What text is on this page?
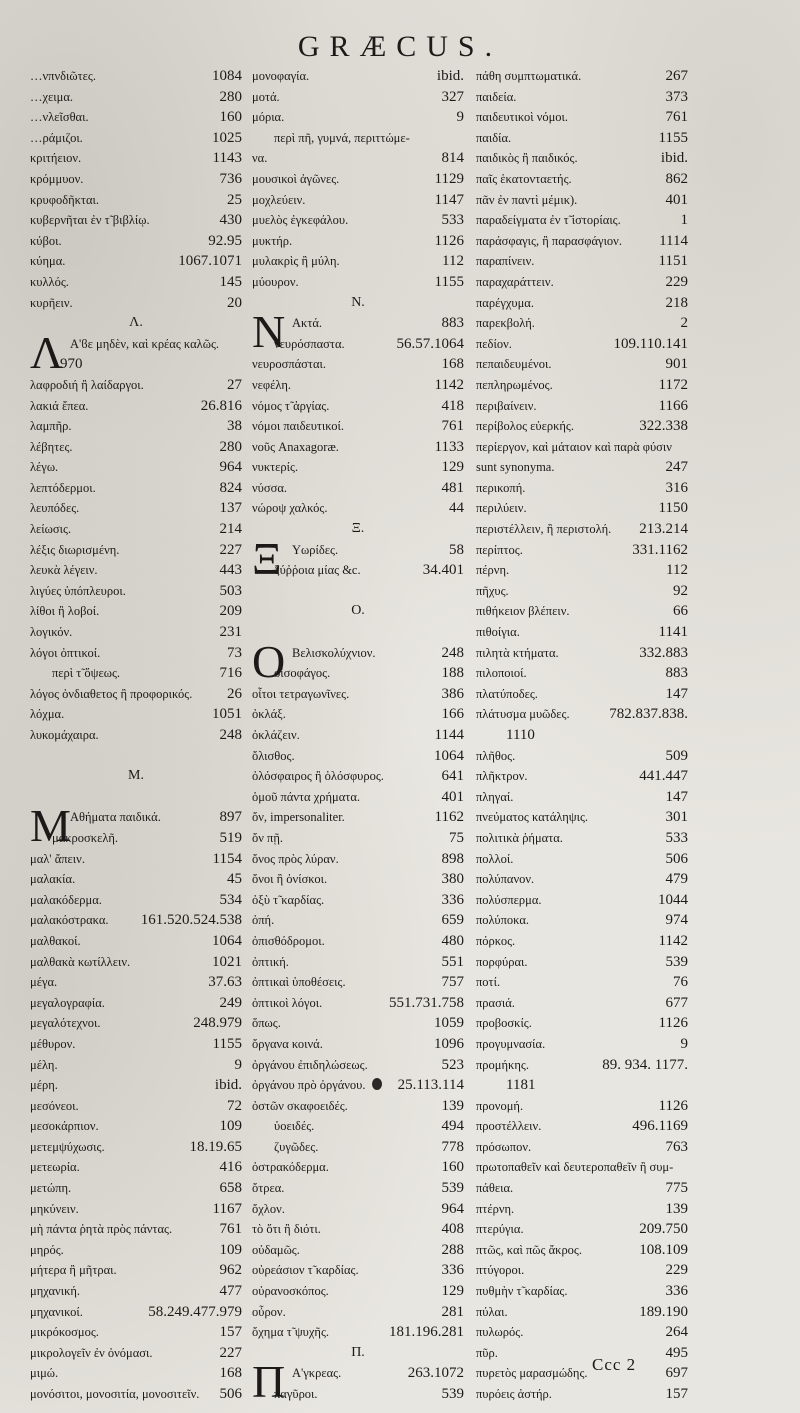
GRÆCUS.
…νπνδιῶτες.	1084
…χειμα.	280
…νλεῖσθαι.	160
…ράμιζοι.	1025
κριτήειον.	1143
κρόμμυον.	736
κρυφοδῆκται.	25
κυβερνῆται ἐν τ̃ βιβλίῳ.	430
κύβοι.	92.95
κύημα.	1067.1071
κυλλός.	145
κυρῆειν.	20
Λ.
Λ Α'ϐε μηδὲν, καὶ κρέας καλῶς.
970
λαφροδιή ἢ λαίδαργοι.	27
λακιά ἔπεα.	26.816
λαμπῆρ.	38
λέβητες.	280
λέγω.	964
λεπτόδερμοι.	824
λευπόδες.	137
λείωσις.	214
λέξις διωρισμένη.	227
λευκὰ λέγειν.	443
λιγύες ὑπόπλευροι.	503
λίθοι ἢ λοβοί.	209
λογικόν.	231
λόγοι ὀπτικοί.	73
περὶ τ̃ ὄψεως.	716
λόγος ὀνδιαθετος ἢ προφορικός. 26
λόχμα.	1051
λυκομάχαιρα.	248
Μ.
Μ Αθήματα παιδικά.	897
μακροσκελῆ.	519
μαλ' ἄπειν.	1154
μαλακία.	45
μαλακόδερμα.	534
μαλακόστρακα. 161.520.524.538
μαλθακοί.	1064
μαλθακὰ κωτίλλειν.	1021
μέγα.	37.63
μεγαλογραφία.	249
μεγαλότεχνοι.	248.979
μέθυρον.	1155
μέλη.	9
μέρη.	ibid.
μεσόνεοι.	72
μεσοκάρπιον.	109
μετεμψύχωσις.	18.19.65
μετεωρία.	416
μετώπη.	658
μηκύνειν.	1167
μὴ πάντα ῥητὰ πρὸς πάντας.	761
μηρός.	109
μήτερα ἢ μῆτραι.	962
μηχανική.	477
μηχανικοί.	58.249.477.979
μικρόκοσμος.	157
μικρολογεῖν ἐν ὀνόμασι.	227
μιμώ.	168
μονόσιτοι, μονοσιτία, μονοσιτεῖν. 506
μονοφαγία.	ibid.
μοτά.	327
μόρια.	9
περὶ πῆ, γυμνά, περιττώμε-
να.	814
μουσικοὶ ἀγῶνες.	1129
μοχλεύειν.	1147
μυελὸς ἐγκεφάλου.	533
μυκτήρ.	1126
μυλακρὶς ἢ μύλη.	112
μύουρον.	1155
Ν.
Ν Ακτά.	883
νευρόσπαστα.	56.57.1064
νευροσπάσται.	168
νεφέλη.	1142
νόμος τ̃ ἀργίας.	418
νόμοι παιδευτικοί.	761
νοῦς Anaxagoræ.	1133
νυκτερίς.	129
νύσσα.	481
νώροψ χαλκός.	44
Ξ.
Ξ Υωρίδες.	58
ξύῤῥοια μίας &c.	34.401
Ο.
Ο Βελισκολύχνιον.	248
οἰσοφάγος.	188
οἶτοι τετραγωνῖνες.	386
ὀκλάξ.	166
ὀκλάζειν.	1144
ὄλισθος.	1064
ὀλόσφαιρος ἢ ὀλόσφυρος.	641
ὁμοῦ πάντα χρήματα.	401
ὄν, impersonaliter.	1162
ὄν πῇ.	75
ὄνος πρὸς λύραν.	898
ὄνοι ἢ ὀνίσκοι.	380
ὀξὺ τ̃ καρδίας.	336
ὀπή.	659
ὀπισθόδρομοι.	480
ὀπτική.	551
ὀπτικαὶ ὑποθέσεις.	757
ὀπτικοὶ λόγοι.	551.731.758
ὅπως.	1059
ὄργανα κοινά.	1096
ὀργάνου ἐπιδηλώσεως.	523
ὀργάνου πρὸ ὀργάνου. 25.113.114
ὀστῶν σκαφοειδές.	139
ὑοειδές.	494
ζυγῶδες.	778
ὀστρακόδερμα.	160
ὄτρεα.	539
ὄχλον.	964
τὸ ὅτι ἢ διότι.	408
οὐδαμῶς.	288
οὐρεάσιον τ̃ καρδίας.	336
οὐρανοσκόπος.	129
οὖρον.	281
ὄχημα τ̃ ψυχῆς.	181.196.281
Π.
Π Α'γκρεας.	263.1072
παγῦροι.	539
πάθη συμπτωματικά.	267
παιδεία.	373
παιδευτικοὶ νόμοι.	761
παιδία.	1155
παιδικὸς ἢ παιδικός.	ibid.
παῖς ἑκατονταετής.	862
πᾶν ἐν παντὶ μέμικ).	401
παραδείγματα ἐν τ̃ ἱστορίαις.	1
παράσφαγις, ἢ παρασφάγιον. 1114
παραπίνειν.	1151
παραχαράττειν.	229
παρέγχυμα.	218
παρεκβολή.	2
πεδίον.	109.110.141
πεπαιδευμένοι.	901
πεπληρωμένος.	1172
περιβαίνειν.	1166
περίβολος εὐερκής.	322.338
περίεργον, καὶ μάταιον καὶ παρὰ φύσιν
sunt synonyma.	247
περικοπή.	316
περιλύειν.	1150
περιστέλλειν, ἢ περιστολή. 213.214
περίπτος.	331.1162
πέρνη.	112
πῆχυς.	92
πιθήκειον βλέπειν.	66
πιθοίγια.	1141
πιλητὰ κτήματα.	332.883
πιλοποιοί.	883
πλατύποδες.	147
πλάτυσμα μυῶδες.	782.837.838.
1110
πλῆθος.	509
πλῆκτρον.	441.447
πληγαί.	147
πνεύματος κατάληψις.	301
πολιτικὰ ῥήματα.	533
πολλοί.	506
πολύπανον.	479
πολύσπερμα.	1044
πολύποκα.	974
πόρκος.	1142
πορφύραι.	539
ποτί.	76
πρασιά.	677
προβοσκίς.	1126
προγυμνασία.	9
προμήκης.	89. 934. 1177.
1181
προνομή.	1126
προστέλλειν.	496.1169
πρόσωπον.	763
πρωτοπαθεῖν καὶ δευτεροπαθεῖν ἢ συμ-
πάθεια.	775
πτέρνη.	139
πτερύγια.	209.750
πτῶς, καὶ πῶς ἄκρος.	108.109
πτύγοροι.	229
πυθμὴν τ̃ καρδίας.	336
πύλαι.	189.190
πυλωρός.	264
πῦρ.	495
πυρετὸς μαρασμώδης.	697
πυρόεις ἀστήρ.	157
Ccc 2
